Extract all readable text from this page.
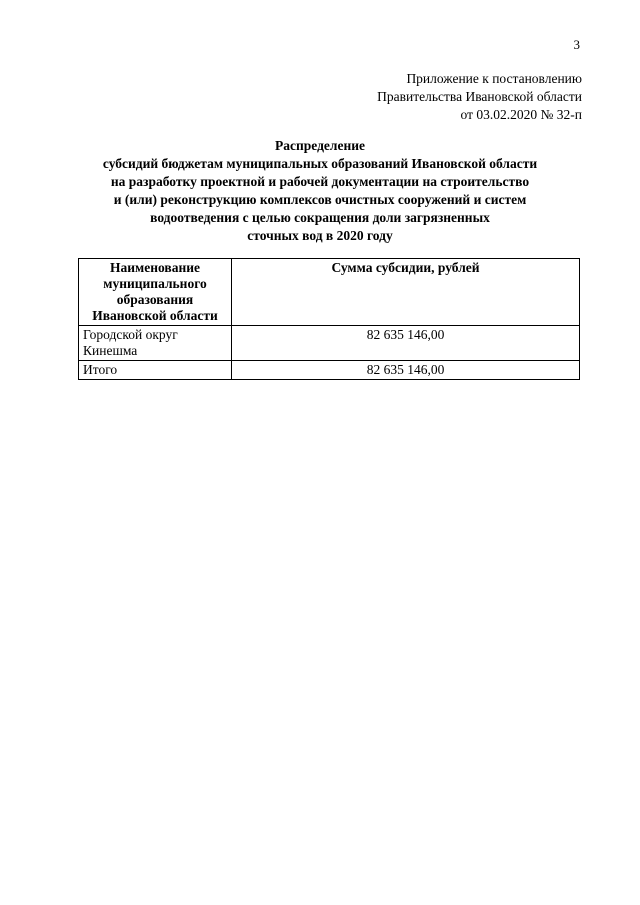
3
Приложение к постановлению
Правительства Ивановской области
от 03.02.2020 № 32-п
Распределение
субсидий бюджетам муниципальных образований Ивановской области
на разработку проектной и рабочей документации на строительство
и (или) реконструкцию комплексов очистных сооружений и систем
водоотведения с целью сокращения доли загрязненных
сточных вод в 2020 году
Наименование
муниципального
образования
Ивановской области	Сумма субсидии, рублей

Городской округ
Кинешма	82 635 146,00

Итого	82 635 146,00
